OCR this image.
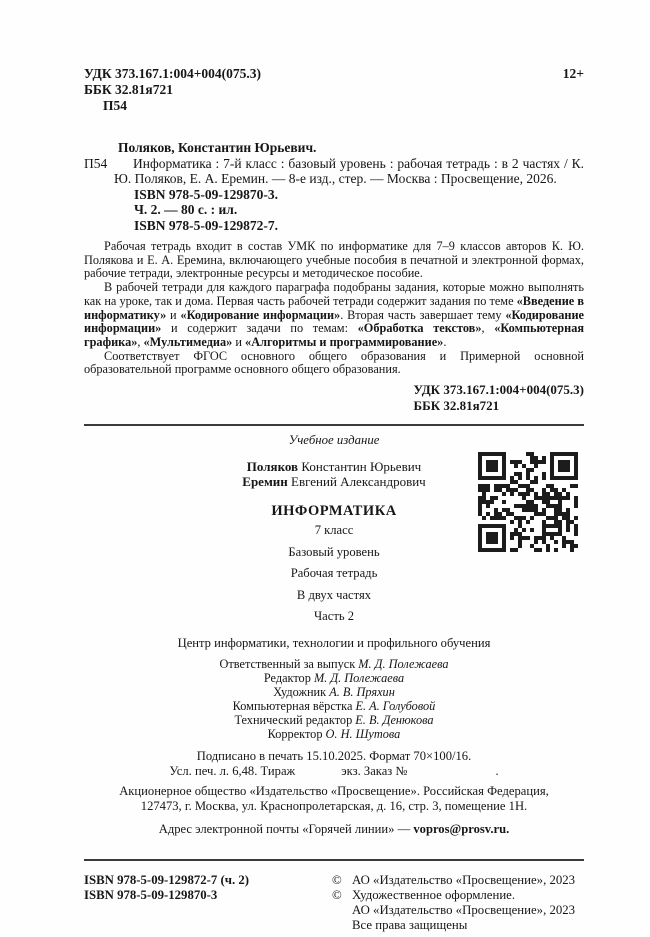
УДК 373.167.1:004+004(075.3)	12+
ББК 32.81я721
П54
Поляков, Константин Юрьевич.
П54	Информатика : 7-й класс : базовый уровень : рабочая тетрадь : в 2 частях / К. Ю. Поляков, Е. А. Еремин. — 8-е изд., стер. — Москва : Просвещение, 2026.
ISBN 978-5-09-129870-3.
Ч. 2. — 80 с. : ил.
ISBN 978-5-09-129872-7.

Рабочая тетрадь входит в состав УМК по информатике для 7–9 классов авторов К. Ю. Полякова и Е. А. Еремина, включающего учебные пособия в печатной и электронной формах, рабочие тетради, электронные ресурсы и методическое пособие.

В рабочей тетради для каждого параграфа подобраны задания, которые можно выполнять как на уроке, так и дома. Первая часть рабочей тетради содержит задания по теме «Введение в информатику» и «Кодирование информации». Вторая часть завершает тему «Кодирование информации» и содержит задачи по темам: «Обработка текстов», «Компьютерная графика», «Мультимедиа» и «Алгоритмы и программирование».

Соответствует ФГОС основного общего образования и Примерной основной образовательной программе основного общего образования.

УДК 373.167.1:004+004(075.3)
ББК 32.81я721
Учебное издание
Поляков Константин Юрьевич
Еремин Евгений Александрович
ИНФОРМАТИКА
7 класс
Базовый уровень
Рабочая тетрадь
В двух частях
Часть 2
Центр информатики, технологии и профильного обучения
Ответственный за выпуск М. Д. Полежаева
Редактор М. Д. Полежаева
Художник А. В. Пряхин
Компьютерная вёрстка Е. А. Голубовой
Технический редактор Е. В. Денюкова
Корректор О. Н. Шутова
Подписано в печать 15.10.2025. Формат 70×100/16.
Усл. печ. л. 6,48. Тираж	экз. Заказ №	.
Акционерное общество «Издательство «Просвещение». Российская Федерация,
127473, г. Москва, ул. Краснопролетарская, д. 16, стр. 3, помещение 1Н.
Адрес электронной почты «Горячей линии» — vopros@prosv.ru.
ISBN 978-5-09-129872-7 (ч. 2)
ISBN 978-5-09-129870-3
© АО «Издательство «Просвещение», 2023
© Художественное оформление.
АО «Издательство «Просвещение», 2023
Все права защищены
